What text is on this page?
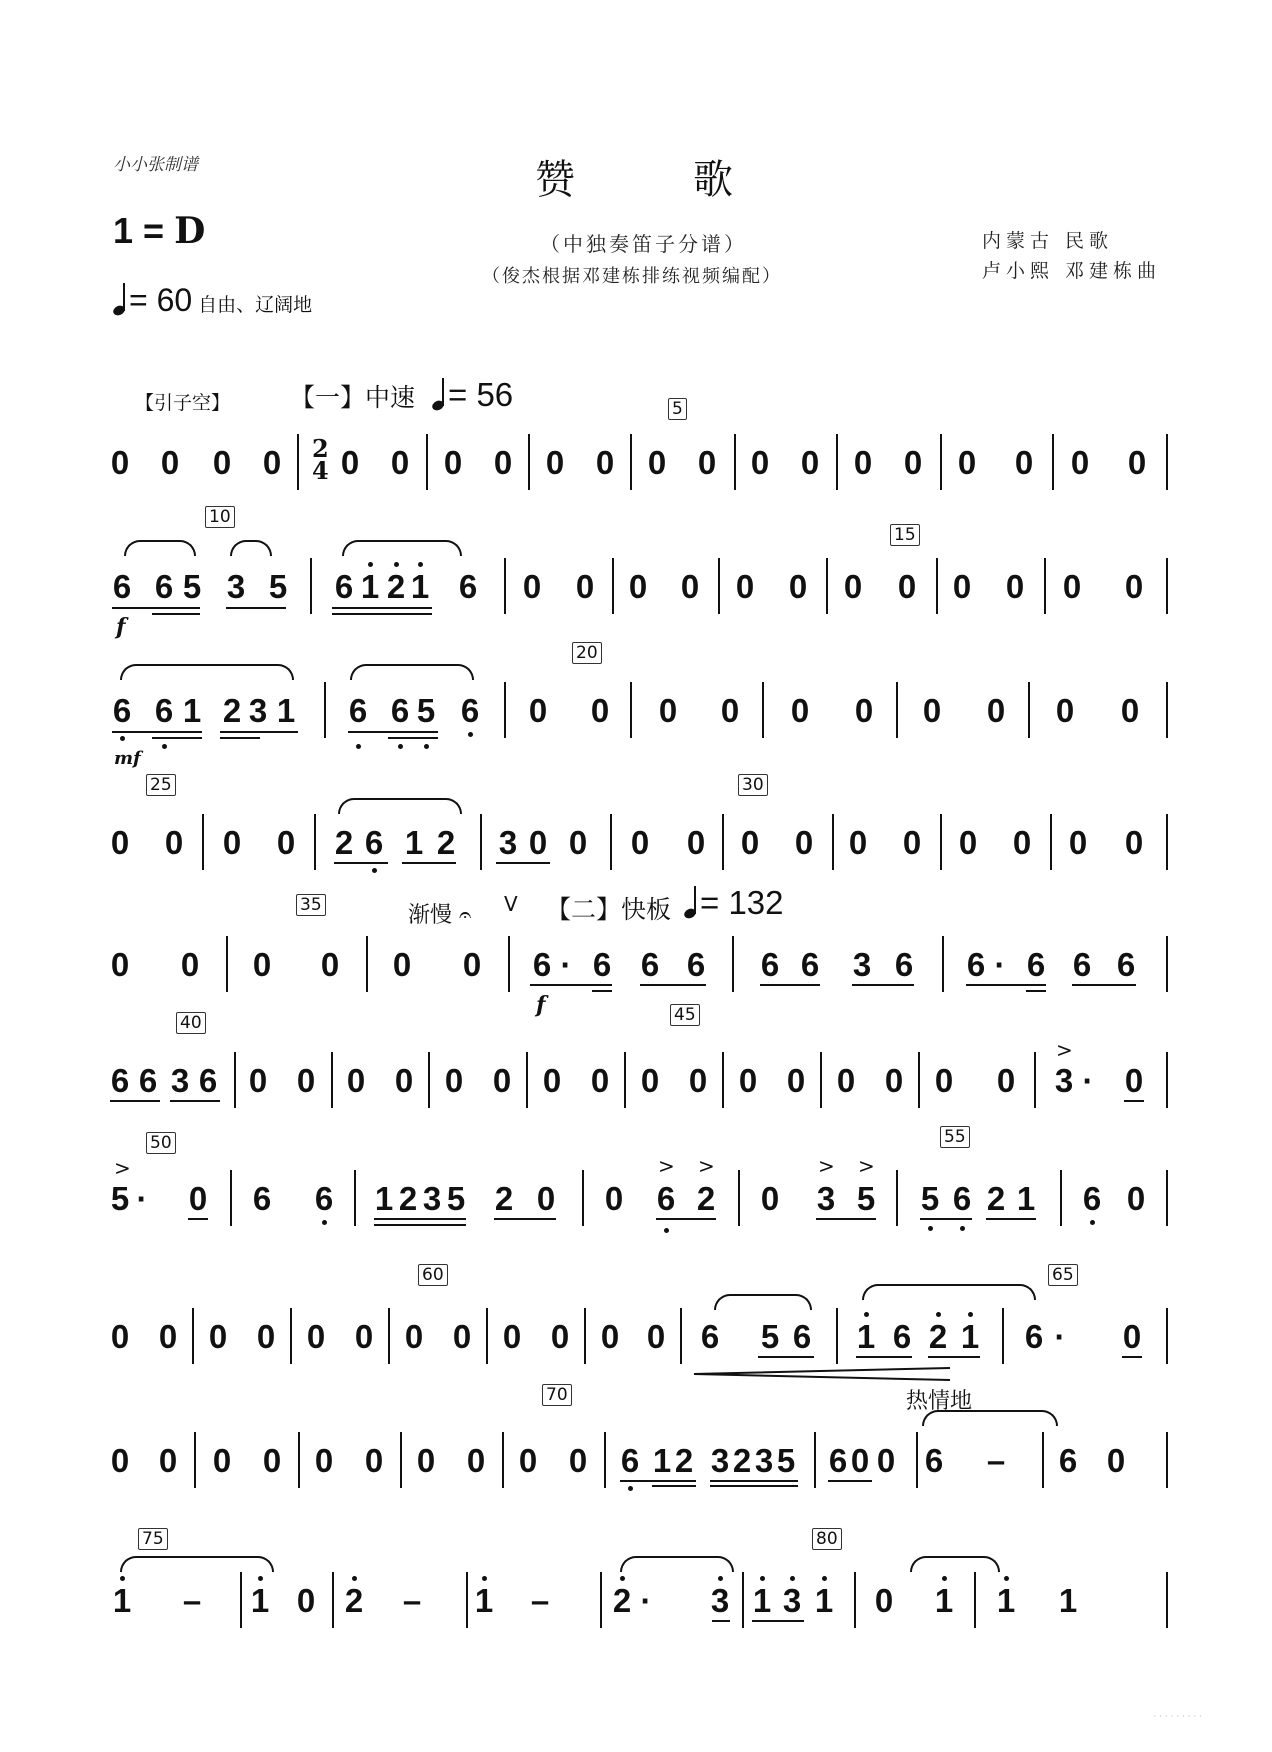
小小张制谱	赞	歌
1 = D
= 60 自由、辽阔地
（中独奏笛子分谱）
（俊杰根据邓建栋排练视频编配）
内蒙古 民歌
卢小熙 邓建栋曲
【引子空】 【一】中速 = 56
0 0 0 0 2
4 0 0 0 0 0 0
5
0 0 0 0 0 0 0 0 0 0
10
6 6 5 3 5
f
6 1 2 1 6 0 0 0 0 0 0
15
0 0 0 0 0 0
6 6 1 2 3 1
mf
6 6 5 6
20
0 0 0 0 0 0 0 0 0 0
25
0 0 0 0 2 6 1 2 3 0 0 0 0
30
0 0 0 0 0 0 0 0
渐慢 𝄐 V 【二】快板 = 132
0 0
35
0 0 0 0 6 · 6 6 6
f
6 6 3 6 6 · 6 6 6
40
6 6 3 6 0 0 0 0 0 0 0 0
45
0 0 0 0 0 0 0 0
>
3 · 0
>
50
5 · 0 6 6 1 2 3 5 2 0 0
> >
6 2 0
> >
3 5
55
5 6 2 1 6 0
0 0 0 0 0 0
60
0 0 0 0 0 0 6 5 6 1 6 2 1
65
6 · 0
热情地
0 0 0 0 0 0 0 0
70
0 0 6 1 2 3 2 3 5 6 0 0 6 – 6 0
75
1 – 1 0 2 – 1 – 2 · 3
80
1 3 1 0 1 1 1
· · · · · · · · ·
